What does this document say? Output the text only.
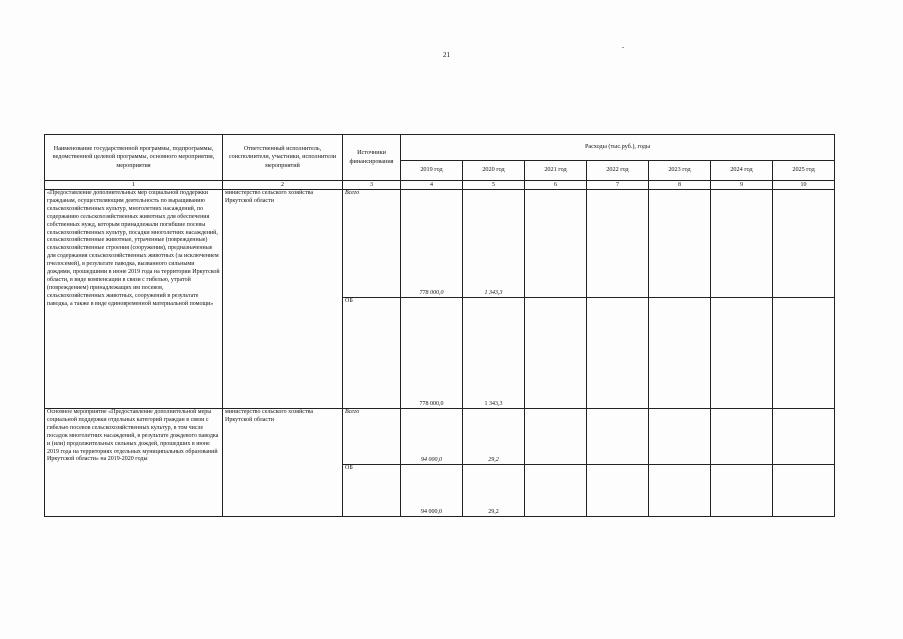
21
Наименование государственной программы, подпрограммы, ведомственной целевой программы, основного мероприятия, мероприятия	Ответственный исполнитель, соисполнители, участники, исполнители мероприятий	Источники финансирования	Расходы (тыс.руб.), годы						
			2019 год	2020 год	2021 год	2022 год	2023 год	2024 год	2025 год
1	2	3	4	5	6	7	8	9	10
«Предоставление дополнительных мер социальной поддержки гражданам, осуществляющим деятельность по выращиванию сельскохозяйственных культур, многолетних насаждений, по содержанию сельскохозяйственных животных для обеспечения собственных нужд, которым принадлежали погибшие посевы сельскохозяйственных культур, посадки многолетних насаждений, сельскохозяйственные животные, утраченные (поврежденные) сельскохозяйственные строения (сооружения), предназначенные для содержания сельскохозяйственных животных (за исключением пчелосемей), в результате паводка, вызванного сильными дождями, прошедшими в июне 2019 года на территории Иркутской области, в виде компенсации в связи с гибелью, утратой (повреждением) принадлежащих им посевов, сельскохозяйственных животных, сооружений в результате паводка, а также в виде единовременной материальной помощи»	министерство сельского хозяйства Иркутской области	Всего	778 000,0	1 343,3					

		ОБ	778 000,0	1 343,3					

Основное мероприятие «Предоставление дополнительной меры социальной поддержки отдельных категорий граждан в связи с гибелью посевов сельскохозяйственных культур, в том числе посадок многолетних насаждений, в результате дождевого паводка и (или) продолжительных сильных дождей, прошедших в июне 2019 года на территориях отдельных муниципальных образований Иркутской области» на 2019-2020 годы	министерство сельского хозяйства Иркутской области	Всего	94 000,0	29,2					

		ОБ	94 000,0	29,2					
